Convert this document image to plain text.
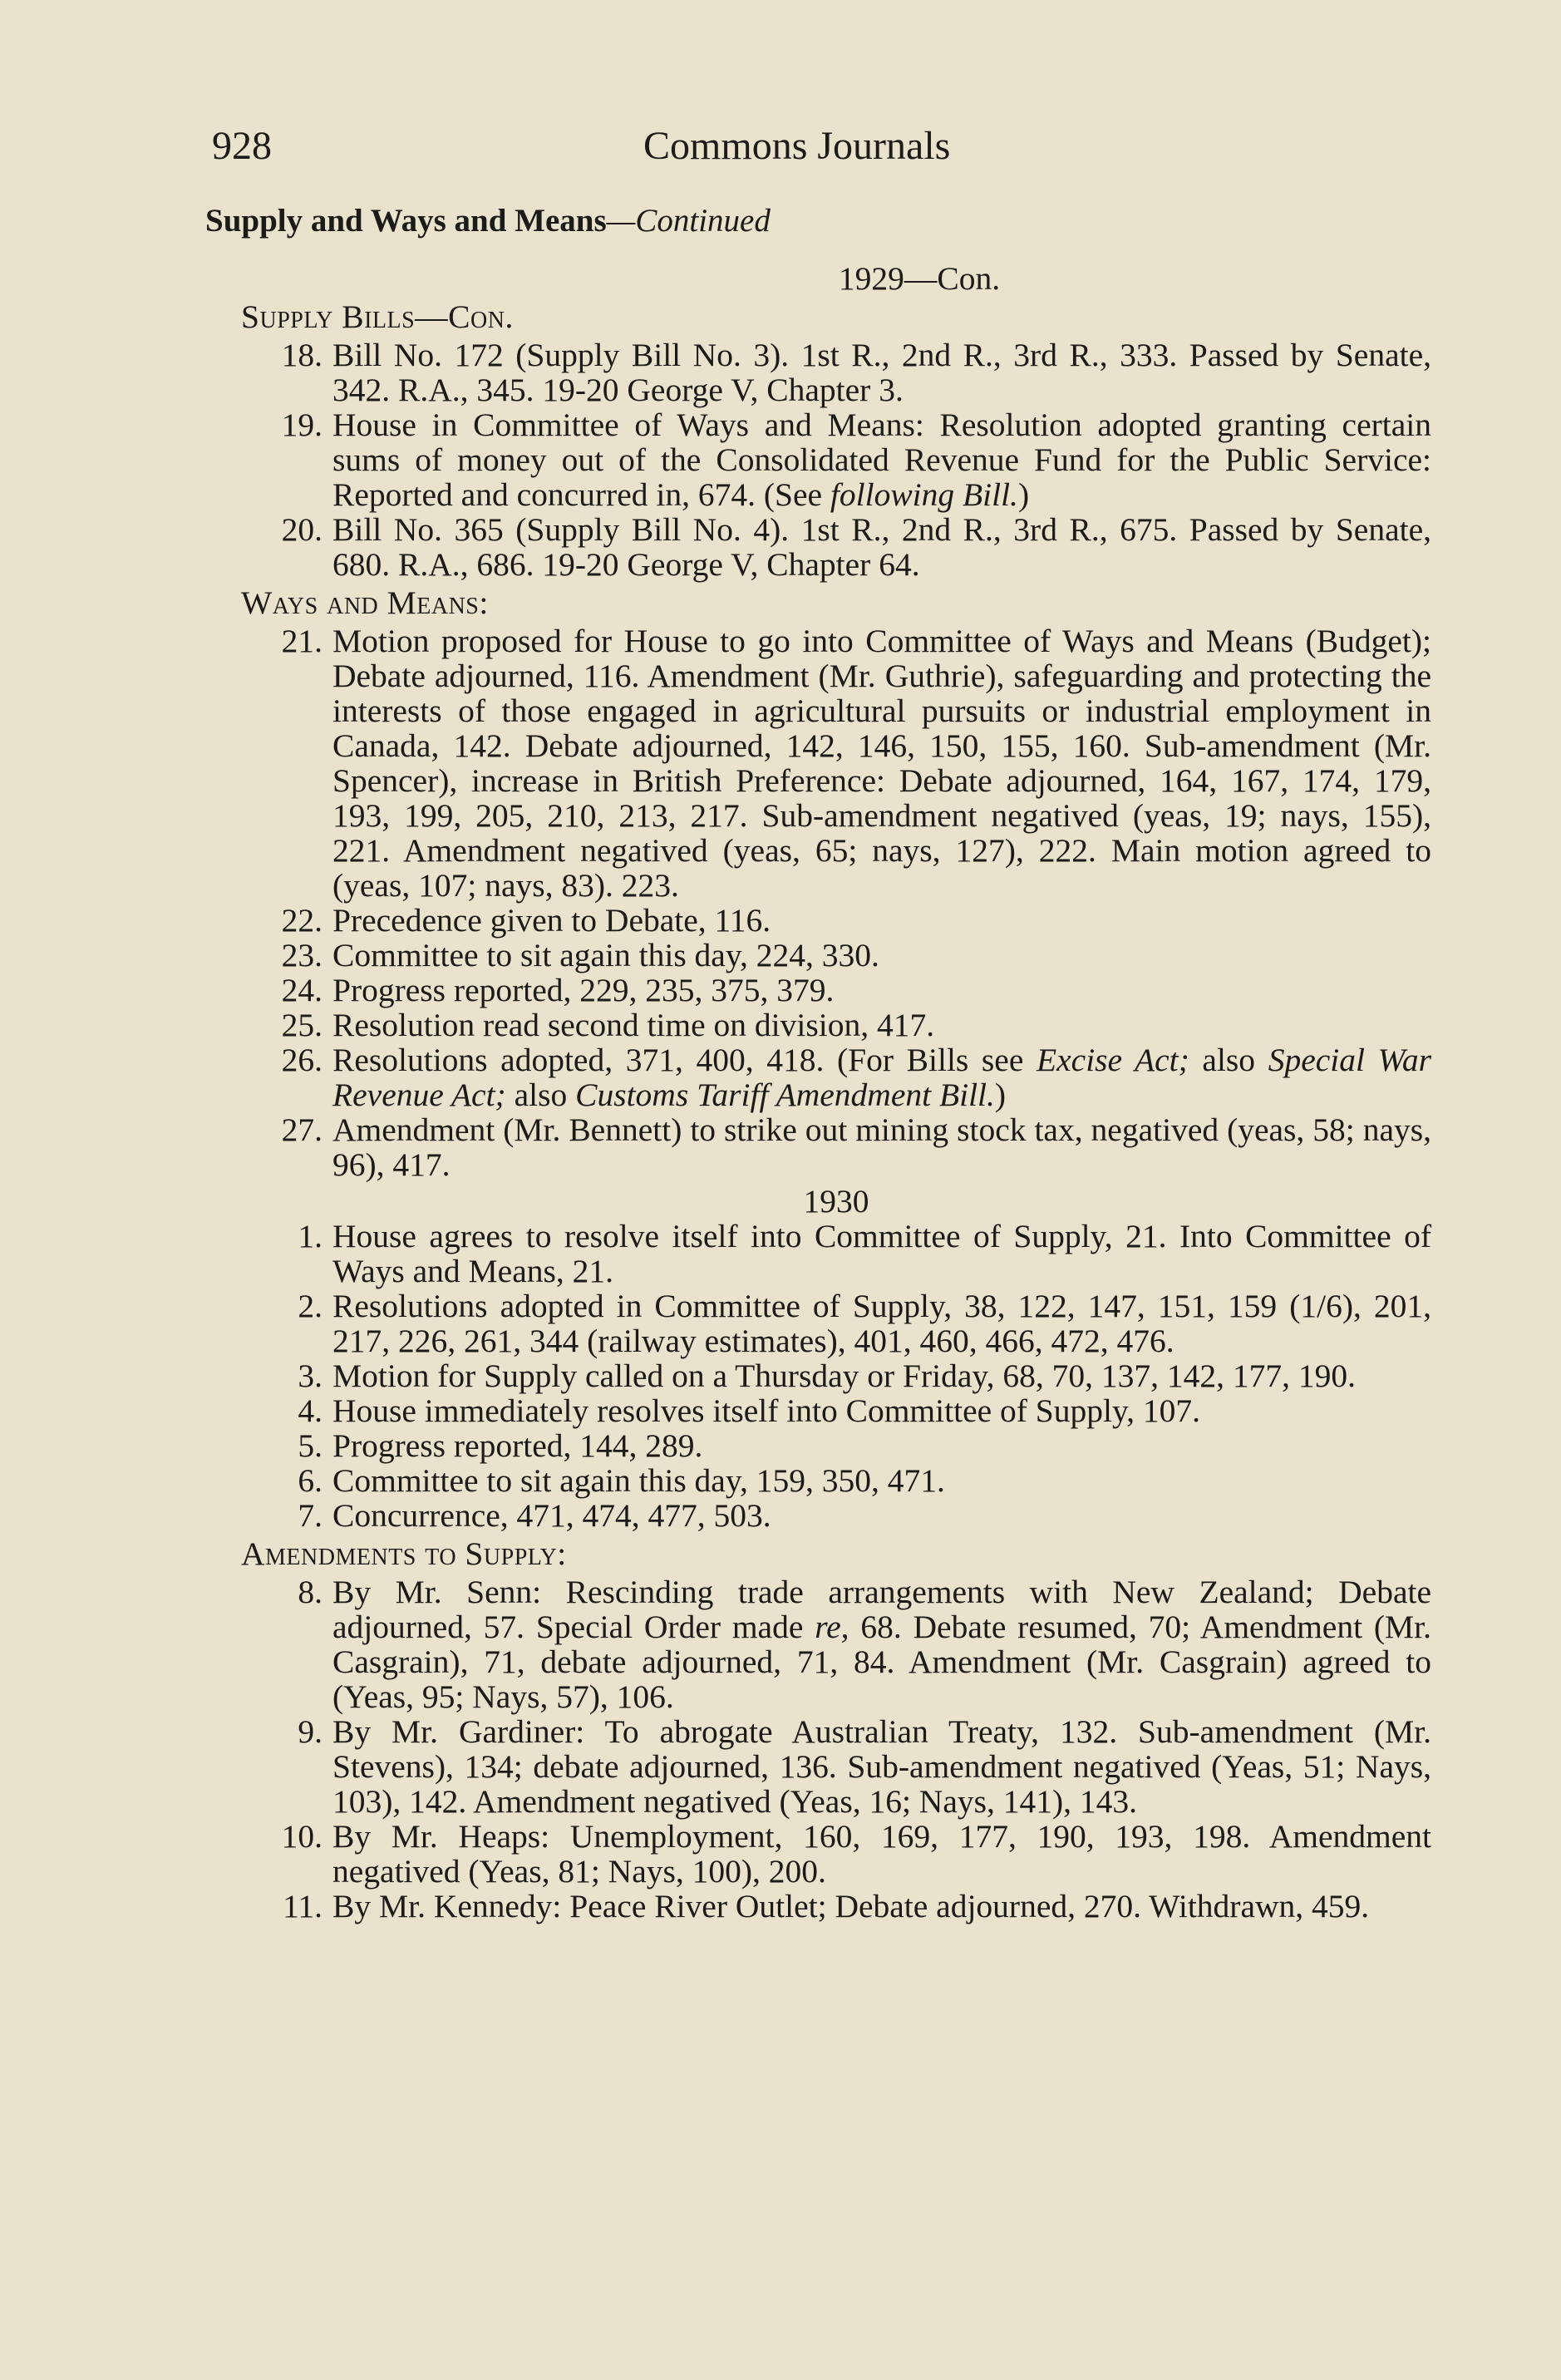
928	Commons Journals
Supply and Ways and Means—Continued

1929—Con.

Supply Bills—Con.
18. Bill No. 172 (Supply Bill No. 3). 1st R., 2nd R., 3rd R., 333. Passed by Senate, 342. R.A., 345. 19-20 George V, Chapter 3.
19. House in Committee of Ways and Means: Resolution adopted granting certain sums of money out of the Consolidated Revenue Fund for the Public Service: Reported and concurred in, 674. (See following Bill.)
20. Bill No. 365 (Supply Bill No. 4). 1st R., 2nd R., 3rd R., 675. Passed by Senate, 680. R.A., 686. 19-20 George V, Chapter 64.
Ways and Means:
21. Motion proposed for House to go into Committee of Ways and Means (Budget); Debate adjourned, 116. Amendment (Mr. Guthrie), safeguarding and protecting the interests of those engaged in agricultural pursuits or industrial employment in Canada, 142. Debate adjourned, 142, 146, 150, 155, 160. Sub-amendment (Mr. Spencer), increase in British Preference: Debate adjourned, 164, 167, 174, 179, 193, 199, 205, 210, 213, 217. Sub-amendment negatived (yeas, 19; nays, 155), 221. Amendment negatived (yeas, 65; nays, 127), 222. Main motion agreed to (yeas, 107; nays, 83). 223.
22. Precedence given to Debate, 116.
23. Committee to sit again this day, 224, 330.
24. Progress reported, 229, 235, 375, 379.
25. Resolution read second time on division, 417.
26. Resolutions adopted, 371, 400, 418. (For Bills see Excise Act; also Special War Revenue Act; also Customs Tariff Amendment Bill.)
27. Amendment (Mr. Bennett) to strike out mining stock tax, negatived (yeas, 58; nays, 96), 417.

1930

1. House agrees to resolve itself into Committee of Supply, 21. Into Committee of Ways and Means, 21.
2. Resolutions adopted in Committee of Supply, 38, 122, 147, 151, 159 (1/6), 201, 217, 226, 261, 344 (railway estimates), 401, 460, 466, 472, 476.
3. Motion for Supply called on a Thursday or Friday, 68, 70, 137, 142, 177, 190.
4. House immediately resolves itself into Committee of Supply, 107.
5. Progress reported, 144, 289.
6. Committee to sit again this day, 159, 350, 471.
7. Concurrence, 471, 474, 477, 503.
Amendments to Supply:
8. By Mr. Senn: Rescinding trade arrangements with New Zealand; Debate adjourned, 57. Special Order made re, 68. Debate resumed, 70; Amendment (Mr. Casgrain), 71, debate adjourned, 71, 84. Amendment (Mr. Casgrain) agreed to (Yeas, 95; Nays, 57), 106.
9. By Mr. Gardiner: To abrogate Australian Treaty, 132. Sub-amendment (Mr. Stevens), 134; debate adjourned, 136. Sub-amendment negatived (Yeas, 51; Nays, 103), 142. Amendment negatived (Yeas, 16; Nays, 141), 143.
10. By Mr. Heaps: Unemployment, 160, 169, 177, 190, 193, 198. Amendment negatived (Yeas, 81; Nays, 100), 200.
11. By Mr. Kennedy: Peace River Outlet; Debate adjourned, 270. Withdrawn, 459.
